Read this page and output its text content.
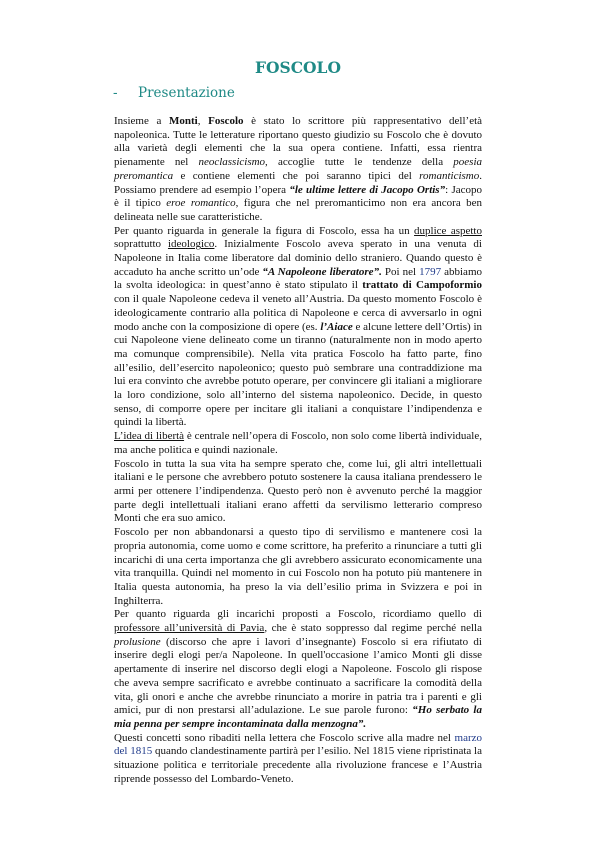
FOSCOLO
- Presentazione

Insieme a Monti, Foscolo è stato lo scrittore più rappresentativo dell’età napoleonica. Tutte le letterature riportano questo giudizio su Foscolo che è dovuto alla varietà degli elementi che la sua opera contiene. Infatti, essa rientra pienamente nel neoclassicismo, accoglie tutte le tendenze della poesia preromantica e contiene elementi che poi saranno tipici del romanticismo. Possiamo prendere ad esempio l’opera “le ultime lettere di Jacopo Ortis”: Jacopo è il tipico eroe romantico, figura che nel preromanticimo non era ancora ben delineata nelle sue caratteristiche.

Per quanto riguarda in generale la figura di Foscolo, essa ha un duplice aspetto soprattutto ideologico. Inizialmente Foscolo aveva sperato in una venuta di Napoleone in Italia come liberatore dal dominio dello straniero. Quando questo è accaduto ha anche scritto un’ode “A Napoleone liberatore”. Poi nel 1797 abbiamo la svolta ideologica: in quest’anno è stato stipulato il trattato di Campoformio con il quale Napoleone cedeva il veneto all’Austria. Da questo momento Foscolo è ideologicamente contrario alla politica di Napoleone e cerca di avversarlo in ogni modo anche con la composizione di opere (es. l’Aiace e alcune lettere dell’Ortis) in cui Napoleone viene delineato come un tiranno (naturalmente non in modo aperto ma comunque comprensibile). Nella vita pratica Foscolo ha fatto parte, fino all’esilio, dell’esercito napoleonico; questo può sembrare una contraddizione ma lui era convinto che avrebbe potuto operare, per convincere gli italiani a migliorare la loro condizione, solo all’interno del sistema napoleonico. Decide, in questo senso, di comporre opere per incitare gli italiani a conquistare l’indipendenza e quindi la libertà.

L’idea di libertà è centrale nell’opera di Foscolo, non solo come libertà individuale, ma anche politica e quindi nazionale.

Foscolo in tutta la sua vita ha sempre sperato che, come lui, gli altri intellettuali italiani e le persone che avrebbero potuto sostenere la causa italiana prendessero le armi per ottenere l’indipendenza. Questo però non è avvenuto perché la maggior parte degli intellettuali italiani erano affetti da servilismo letterario compreso Monti che era suo amico.

Foscolo per non abbandonarsi a questo tipo di servilismo e mantenere così la propria autonomia, come uomo e come scrittore, ha preferito a rinunciare a tutti gli incarichi di una certa importanza che gli avrebbero assicurato economicamente una vita tranquilla. Quindi nel momento in cui Foscolo non ha potuto più mantenere in Italia questa autonomia, ha preso la via dell’esilio prima in Svizzera e poi in Inghilterra.

Per quanto riguarda gli incarichi proposti a Foscolo, ricordiamo quello di professore all’università di Pavia, che è stato soppresso dal regime perché nella prolusione (discorso che apre i lavori d’insegnante) Foscolo si era rifiutato di inserire degli elogi per/a Napoleone. In quell'occasione l’amico Monti gli disse apertamente di inserire nel discorso degli elogi a Napoleone. Foscolo gli rispose che aveva sempre sacrificato e avrebbe continuato a sacrificare la comodità della vita, gli onori e anche che avrebbe rinunciato a morire in patria tra i parenti e gli amici, pur di non prestarsi all’adulazione. Le sue parole furono: “Ho serbato la mia penna per sempre incontaminata dalla menzogna”.

Questi concetti sono ribaditi nella lettera che Foscolo scrive alla madre nel marzo del 1815 quando clandestinamente partirà per l’esilio. Nel 1815 viene ripristinata la situazione politica e territoriale precedente alla rivoluzione francese e l’Austria riprende possesso del Lombardo-Veneto.
